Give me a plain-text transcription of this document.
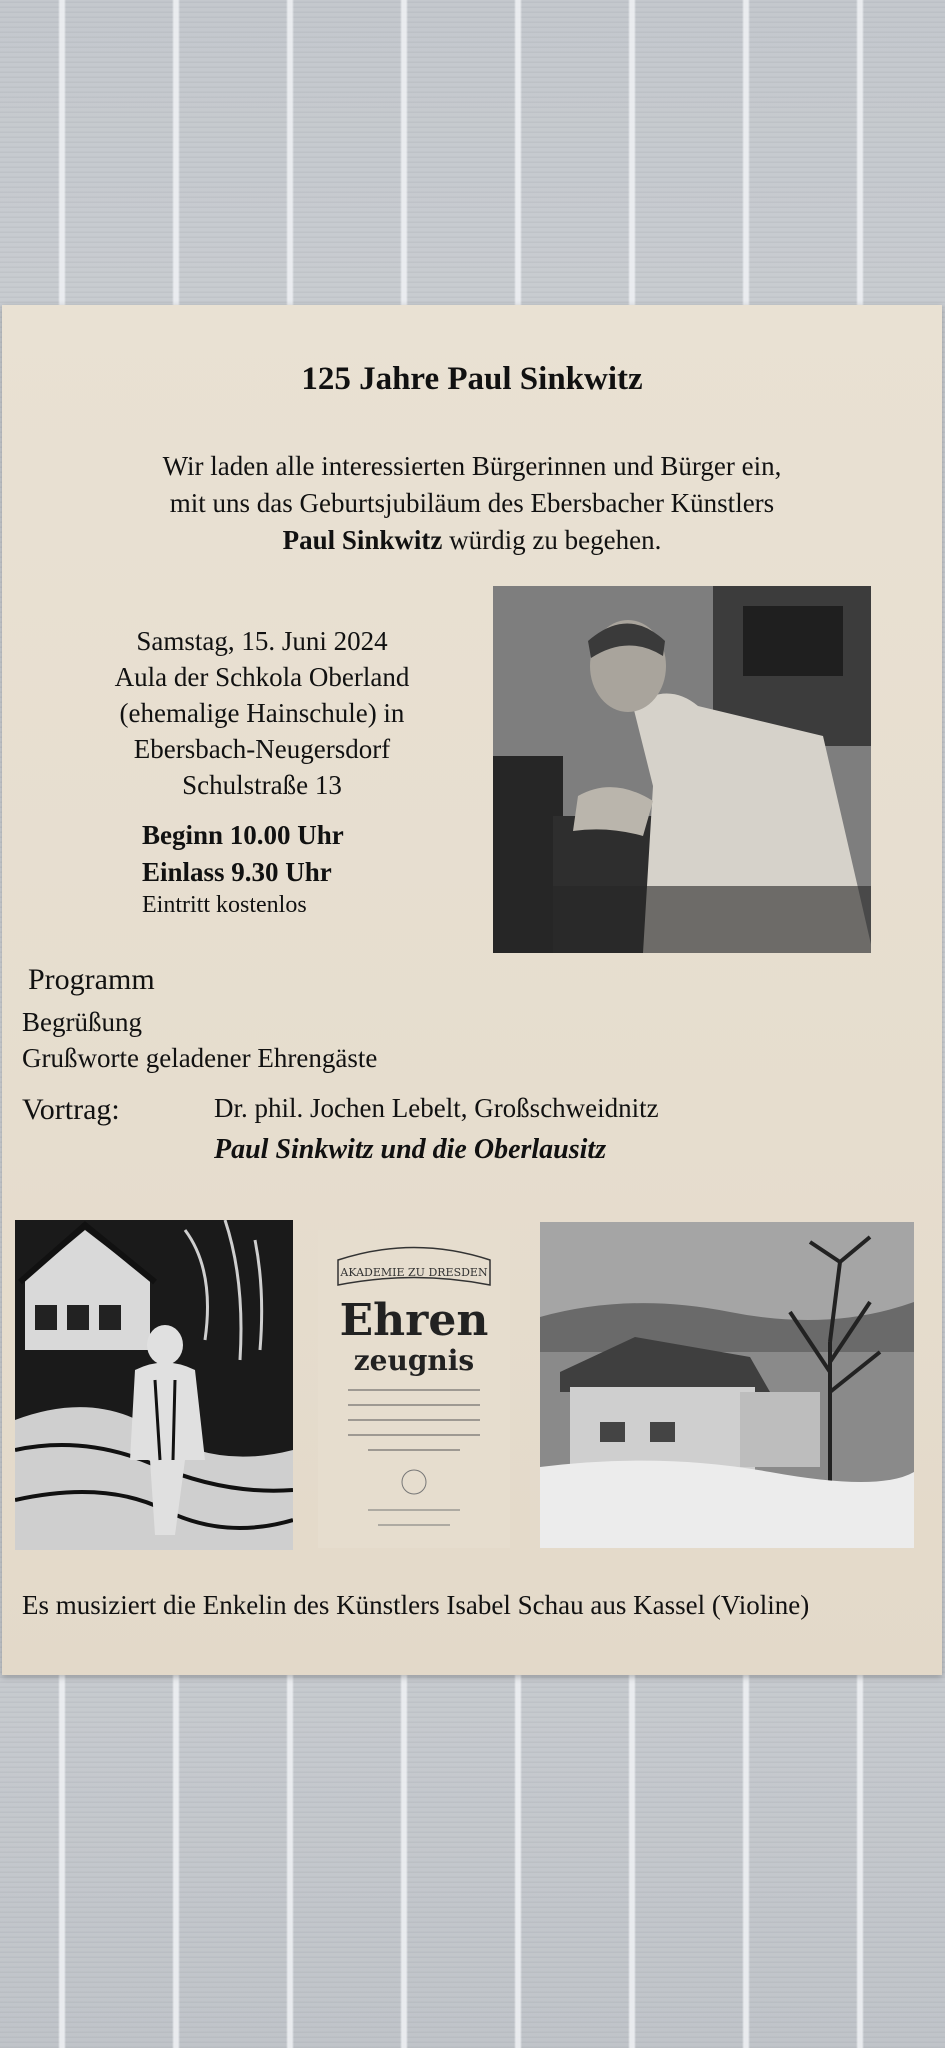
125 Jahre Paul Sinkwitz
Wir laden alle interessierten Bürgerinnen und Bürger ein,
mit uns das Geburtsjubiläum des Ebersbacher Künstlers
Paul Sinkwitz würdig zu begehen.
Samstag, 15. Juni 2024
Aula der Schkola Oberland
(ehemalige Hainschule) in
Ebersbach-Neugersdorf
Schulstraße 13
Beginn 10.00 Uhr
Einlass 9.30 Uhr
Eintritt kostenlos
Programm
Begrüßung
Grußworte geladener Ehrengäste
Vortrag:	Dr. phil. Jochen Lebelt, Großschweidnitz
Paul Sinkwitz und die Oberlausitz
AKADEMIE ZU DRESDEN
Ehren
zeugnis
Es musiziert die Enkelin des Künstlers Isabel Schau aus Kassel (Violine)
